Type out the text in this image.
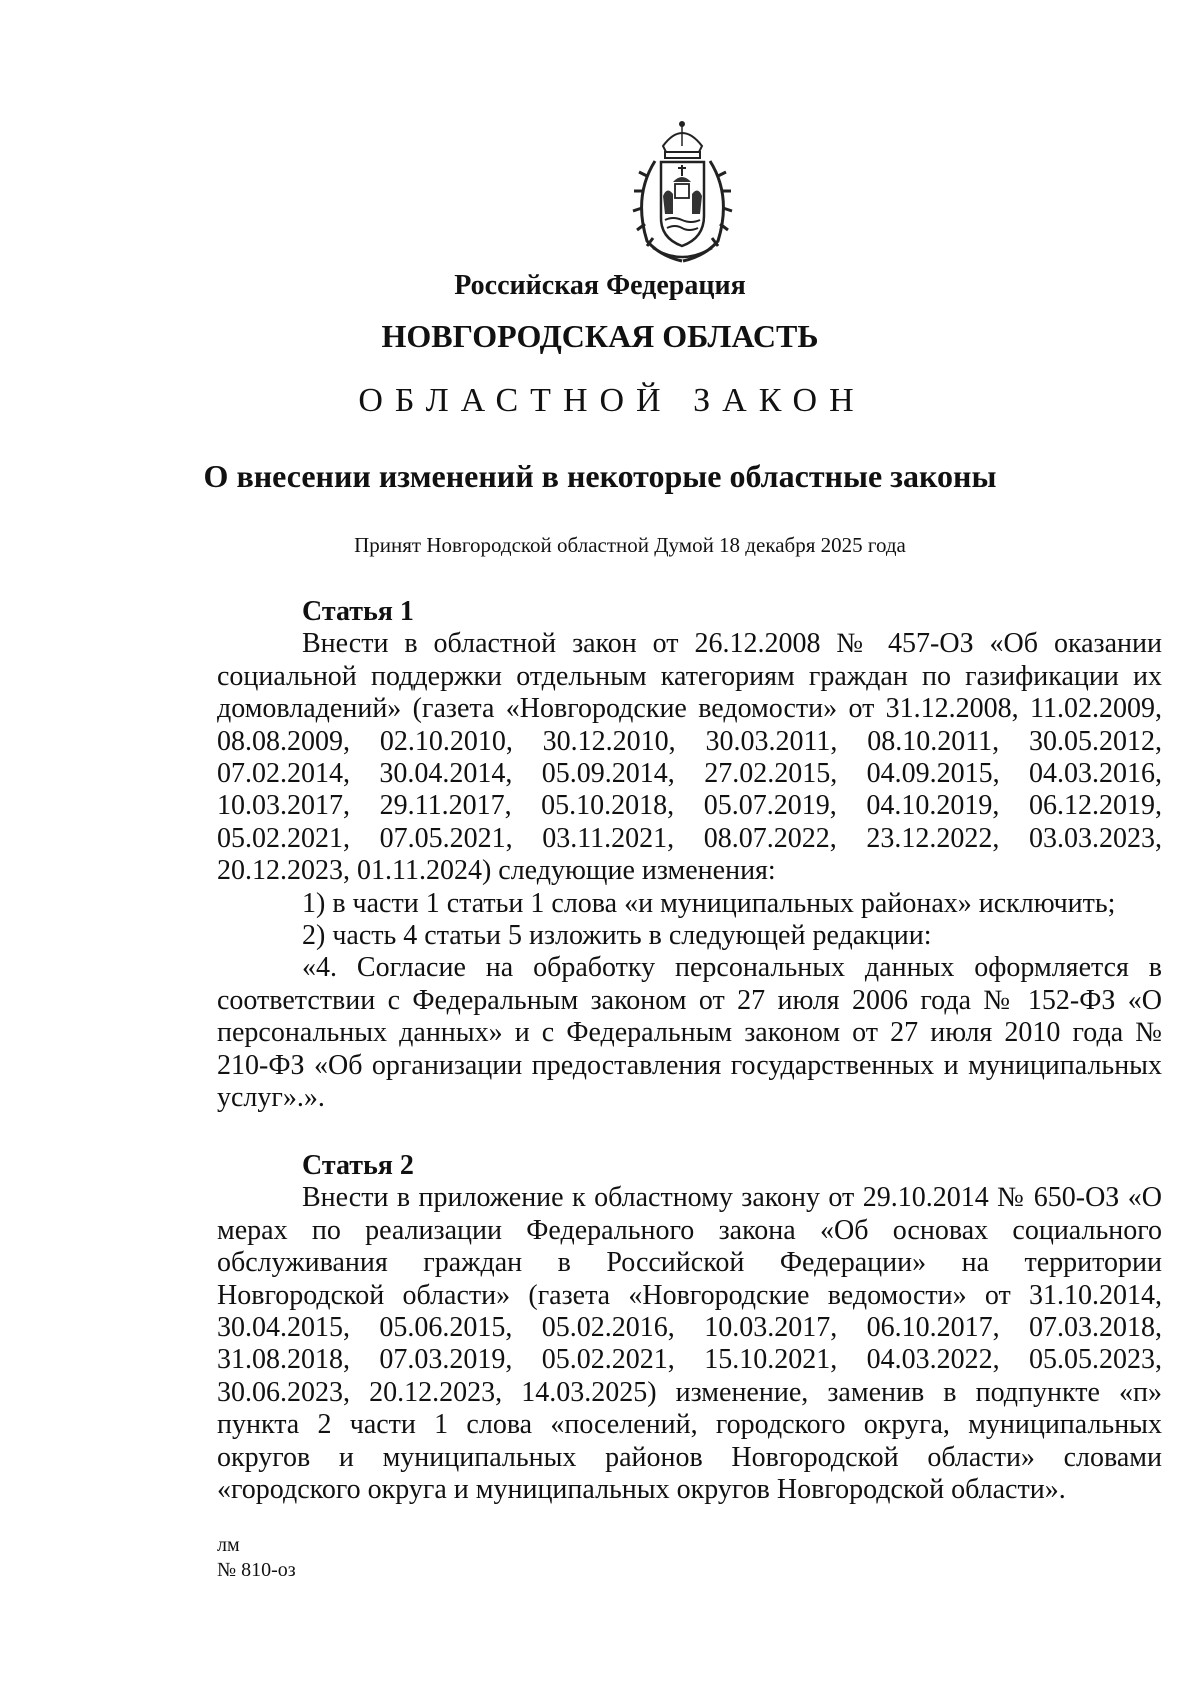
Российская Федерация
НОВГОРОДСКАЯ ОБЛАСТЬ
ОБЛАСТНОЙ ЗАКОН
О внесении изменений в некоторые областные законы
Принят Новгородской областной Думой 18 декабря 2025 года
Статья 1

Внести в областной закон от 26.12.2008 № 457-ОЗ «Об оказании социальной поддержки отдельным категориям граждан по газификации их домовладений» (газета «Новгородские ведомости» от 31.12.2008, 11.02.2009, 08.08.2009, 02.10.2010, 30.12.2010, 30.03.2011, 08.10.2011, 30.05.2012, 07.02.2014, 30.04.2014, 05.09.2014, 27.02.2015, 04.09.2015, 04.03.2016, 10.03.2017, 29.11.2017, 05.10.2018, 05.07.2019, 04.10.2019, 06.12.2019, 05.02.2021, 07.05.2021, 03.11.2021, 08.07.2022, 23.12.2022, 03.03.2023, 20.12.2023, 01.11.2024) следующие изменения:

1) в части 1 статьи 1 слова «и муниципальных районах» исключить;

2) часть 4 статьи 5 изложить в следующей редакции:

«4. Согласие на обработку персональных данных оформляется в соответствии с Федеральным законом от 27 июля 2006 года № 152-ФЗ «О персональных данных» и с Федеральным законом от 27 июля 2010 года № 210-ФЗ «Об организации предоставления государственных и муниципальных услуг».».

Статья 2

Внести в приложение к областному закону от 29.10.2014 № 650-ОЗ «О мерах по реализации Федерального закона «Об основах социального обслуживания граждан в Российской Федерации» на территории Новгородской области» (газета «Новгородские ведомости» от 31.10.2014, 30.04.2015, 05.06.2015, 05.02.2016, 10.03.2017, 06.10.2017, 07.03.2018, 31.08.2018, 07.03.2019, 05.02.2021, 15.10.2021, 04.03.2022, 05.05.2023, 30.06.2023, 20.12.2023, 14.03.2025) изменение, заменив в подпункте «п» пункта 2 части 1 слова «поселений, городского округа, муниципальных округов и муниципальных районов Новгородской области» словами «городского округа и муниципальных округов Новгородской области».

лм
№ 810-оз
